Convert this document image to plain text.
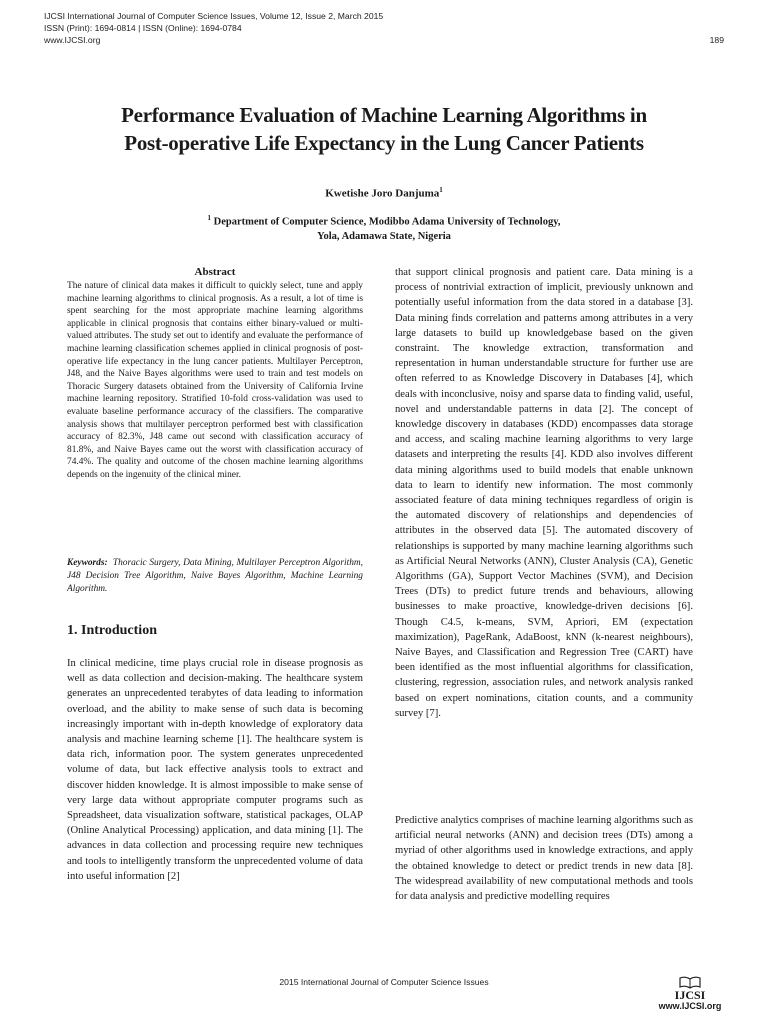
IJCSI International Journal of Computer Science Issues, Volume 12, Issue 2, March 2015
ISSN (Print): 1694-0814 | ISSN (Online): 1694-0784
www.IJCSI.org	189
Performance Evaluation of Machine Learning Algorithms in
Post-operative Life Expectancy in the Lung Cancer Patients
Kwetishe Joro Danjuma$^1$
$^1$ Department of Computer Science, Modibbo Adama University of Technology,
Yola, Adamawa State, Nigeria
Abstract
The nature of clinical data makes it difficult to quickly select, tune and apply machine learning algorithms to clinical prognosis. As a result, a lot of time is spent searching for the most appropriate machine learning algorithms applicable in clinical prognosis that contains either binary-valued or multi-valued attributes. The study set out to identify and evaluate the performance of machine learning classification schemes applied in clinical prognosis of post-operative life expectancy in the lung cancer patients. Multilayer Perceptron, J48, and the Naive Bayes algorithms were used to train and test models on Thoracic Surgery datasets obtained from the University of California Irvine machine learning repository. Stratified 10-fold cross-validation was used to evaluate baseline performance accuracy of the classifiers. The comparative analysis shows that multilayer perceptron performed best with classification accuracy of 82.3%, J48 came out second with classification accuracy of 81.8%, and Naive Bayes came out the worst with classification accuracy of 74.4%. The quality and outcome of the chosen machine learning algorithms depends on the ingenuity of the clinical miner.
Keywords: Thoracic Surgery, Data Mining, Multilayer Perceptron Algorithm, J48 Decision Tree Algorithm, Naive Bayes Algorithm, Machine Learning Algorithm.
1. Introduction
In clinical medicine, time plays crucial role in disease prognosis as well as data collection and decision-making. The healthcare system generates an unprecedented terabytes of data leading to information overload, and the ability to make sense of such data is becoming increasingly important with in-depth knowledge of exploratory data analysis and machine learning scheme [1]. The healthcare system is data rich, information poor. The system generates unprecedented volume of data, but lack effective analysis tools to extract and discover hidden knowledge. It is almost impossible to make sense of very large data without appropriate computer programs such as Spreadsheet, data visualization software, statistical packages, OLAP (Online Analytical Processing) application, and data mining [1]. The advances in data collection and processing require new techniques and tools to intelligently transform the unprecedented volume of data into useful information [2]
that support clinical prognosis and patient care. Data mining is a process of nontrivial extraction of implicit, previously unknown and potentially useful information from the data stored in a database [3]. Data mining finds correlation and patterns among attributes in a very large datasets to build up knowledgebase based on the given constraint. The knowledge extraction, transformation and representation in human understandable structure for further use are often referred to as Knowledge Discovery in Databases [4], which deals with inconclusive, noisy and sparse data to finding valid, useful, novel and understandable patterns in data [2]. The concept of knowledge discovery in databases (KDD) encompasses data storage and access, and scaling machine learning algorithms to very large datasets and interpreting the results [4]. KDD also involves different data mining algorithms used to build models that enable unknown data to learn to identify new information. The most commonly associated feature of data mining techniques regardless of origin is the automated discovery of relationships and dependencies of attributes in the observed data [5]. The automated discovery of relationships is supported by many machine learning algorithms such as Artificial Neural Networks (ANN), Cluster Analysis (CA), Genetic Algorithms (GA), Support Vector Machines (SVM), and Decision Trees (DTs) to predict future trends and behaviours, allowing businesses to make proactive, knowledge-driven decisions [6]. Though C4.5, k-means, SVM, Apriori, EM (expectation maximization), PageRank, AdaBoost, kNN (k-nearest neighbours), Naive Bayes, and Classification and Regression Tree (CART) have been identified as the most influential algorithms for classification, clustering, regression, association rules, and network analysis ranked based on expert nominations, citation counts, and a community survey [7].
Predictive analytics comprises of machine learning algorithms such as artificial neural networks (ANN) and decision trees (DTs) among a myriad of other algorithms used in knowledge extractions, and apply the obtained knowledge to detect or predict trends in new data [8]. The widespread availability of new computational methods and tools for data analysis and predictive modelling requires
2015 International Journal of Computer Science Issues
IJCSI
www.IJCSI.org
